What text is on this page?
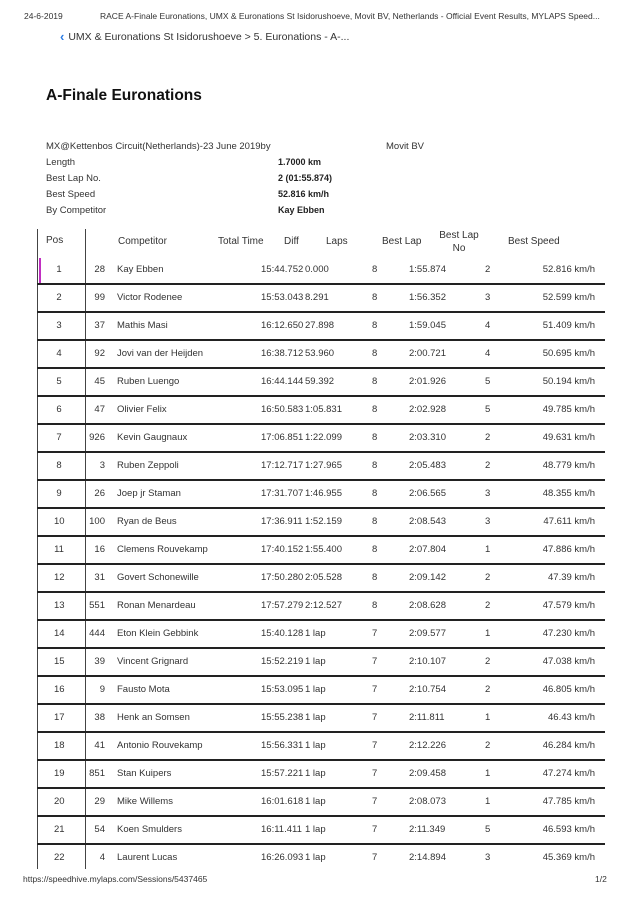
24-6-2019	RACE A-Finale Euronations, UMX & Euronations St Isidorushoeve, Movit BV, Netherlands - Official Event Results, MYLAPS Speed...
‹ UMX & Euronations St Isidorushoeve > 5. Euronations - A-...
A-Finale Euronations
MX@Kettenbos Circuit(Netherlands)-23 June 2019by	Movit BV
Length	1.7000 km
Best Lap No.	2 (01:55.874)
Best Speed	52.816 km/h
By Competitor	Kay Ebben
Pos	Competitor	Total Time Diff	Laps	Best Lap
Best Lap No
Best Speed
1	28 Kay Ebben	15:44.752 0.000	8	1:55.874	2	52.816 km/h
2	99 Victor Rodenee	15:53.043 8.291	8	1:56.352	3	52.599 km/h
3	37 Mathis Masi	16:12.650 27.898	8	1:59.045	4	51.409 km/h
4	92 Jovi van der Heijden	16:38.712 53.960	8	2:00.721	4	50.695 km/h
5	45 Ruben Luengo	16:44.144 59.392	8	2:01.926	5	50.194 km/h
6	47 Olivier Felix	16:50.583 1:05.831	8	2:02.928	5	49.785 km/h
7	926 Kevin Gaugnaux	17:06.851 1:22.099	8	2:03.310	2	49.631 km/h
8	3 Ruben Zeppoli	17:12.717 1:27.965	8	2:05.483	2	48.779 km/h
9	26 Joep jr Staman	17:31.707 1:46.955	8	2:06.565	3	48.355 km/h
10	100 Ryan de Beus	17:36.911 1:52.159	8	2:08.543	3	47.611 km/h
11	16 Clemens Rouvekamp	17:40.152 1:55.400	8	2:07.804	1	47.886 km/h
12	31 Govert Schonewille	17:50.280 2:05.528	8	2:09.142	2	47.39 km/h
13	551 Ronan Menardeau	17:57.279 2:12.527	8	2:08.628	2	47.579 km/h
14	444 Eton Klein Gebbink	15:40.128 1 lap	7	2:09.577	1	47.230 km/h
15	39 Vincent Grignard	15:52.219 1 lap	7	2:10.107	2	47.038 km/h
16	9 Fausto Mota	15:53.095 1 lap	7	2:10.754	2	46.805 km/h
17	38 Henk an Somsen	15:55.238 1 lap	7	2:11.811	1	46.43 km/h
18	41 Antonio Rouvekamp	15:56.331 1 lap	7	2:12.226	2	46.284 km/h
19	851 Stan Kuipers	15:57.221 1 lap	7	2:09.458	1	47.274 km/h
20	29 Mike Willems	16:01.618 1 lap	7	2:08.073	1	47.785 km/h
21	54 Koen Smulders	16:11.411 1 lap	7	2:11.349	5	46.593 km/h
22	4 Laurent Lucas	16:26.093 1 lap	7	2:14.894	3	45.369 km/h
https://speedhive.mylaps.com/Sessions/5437465	1/2
